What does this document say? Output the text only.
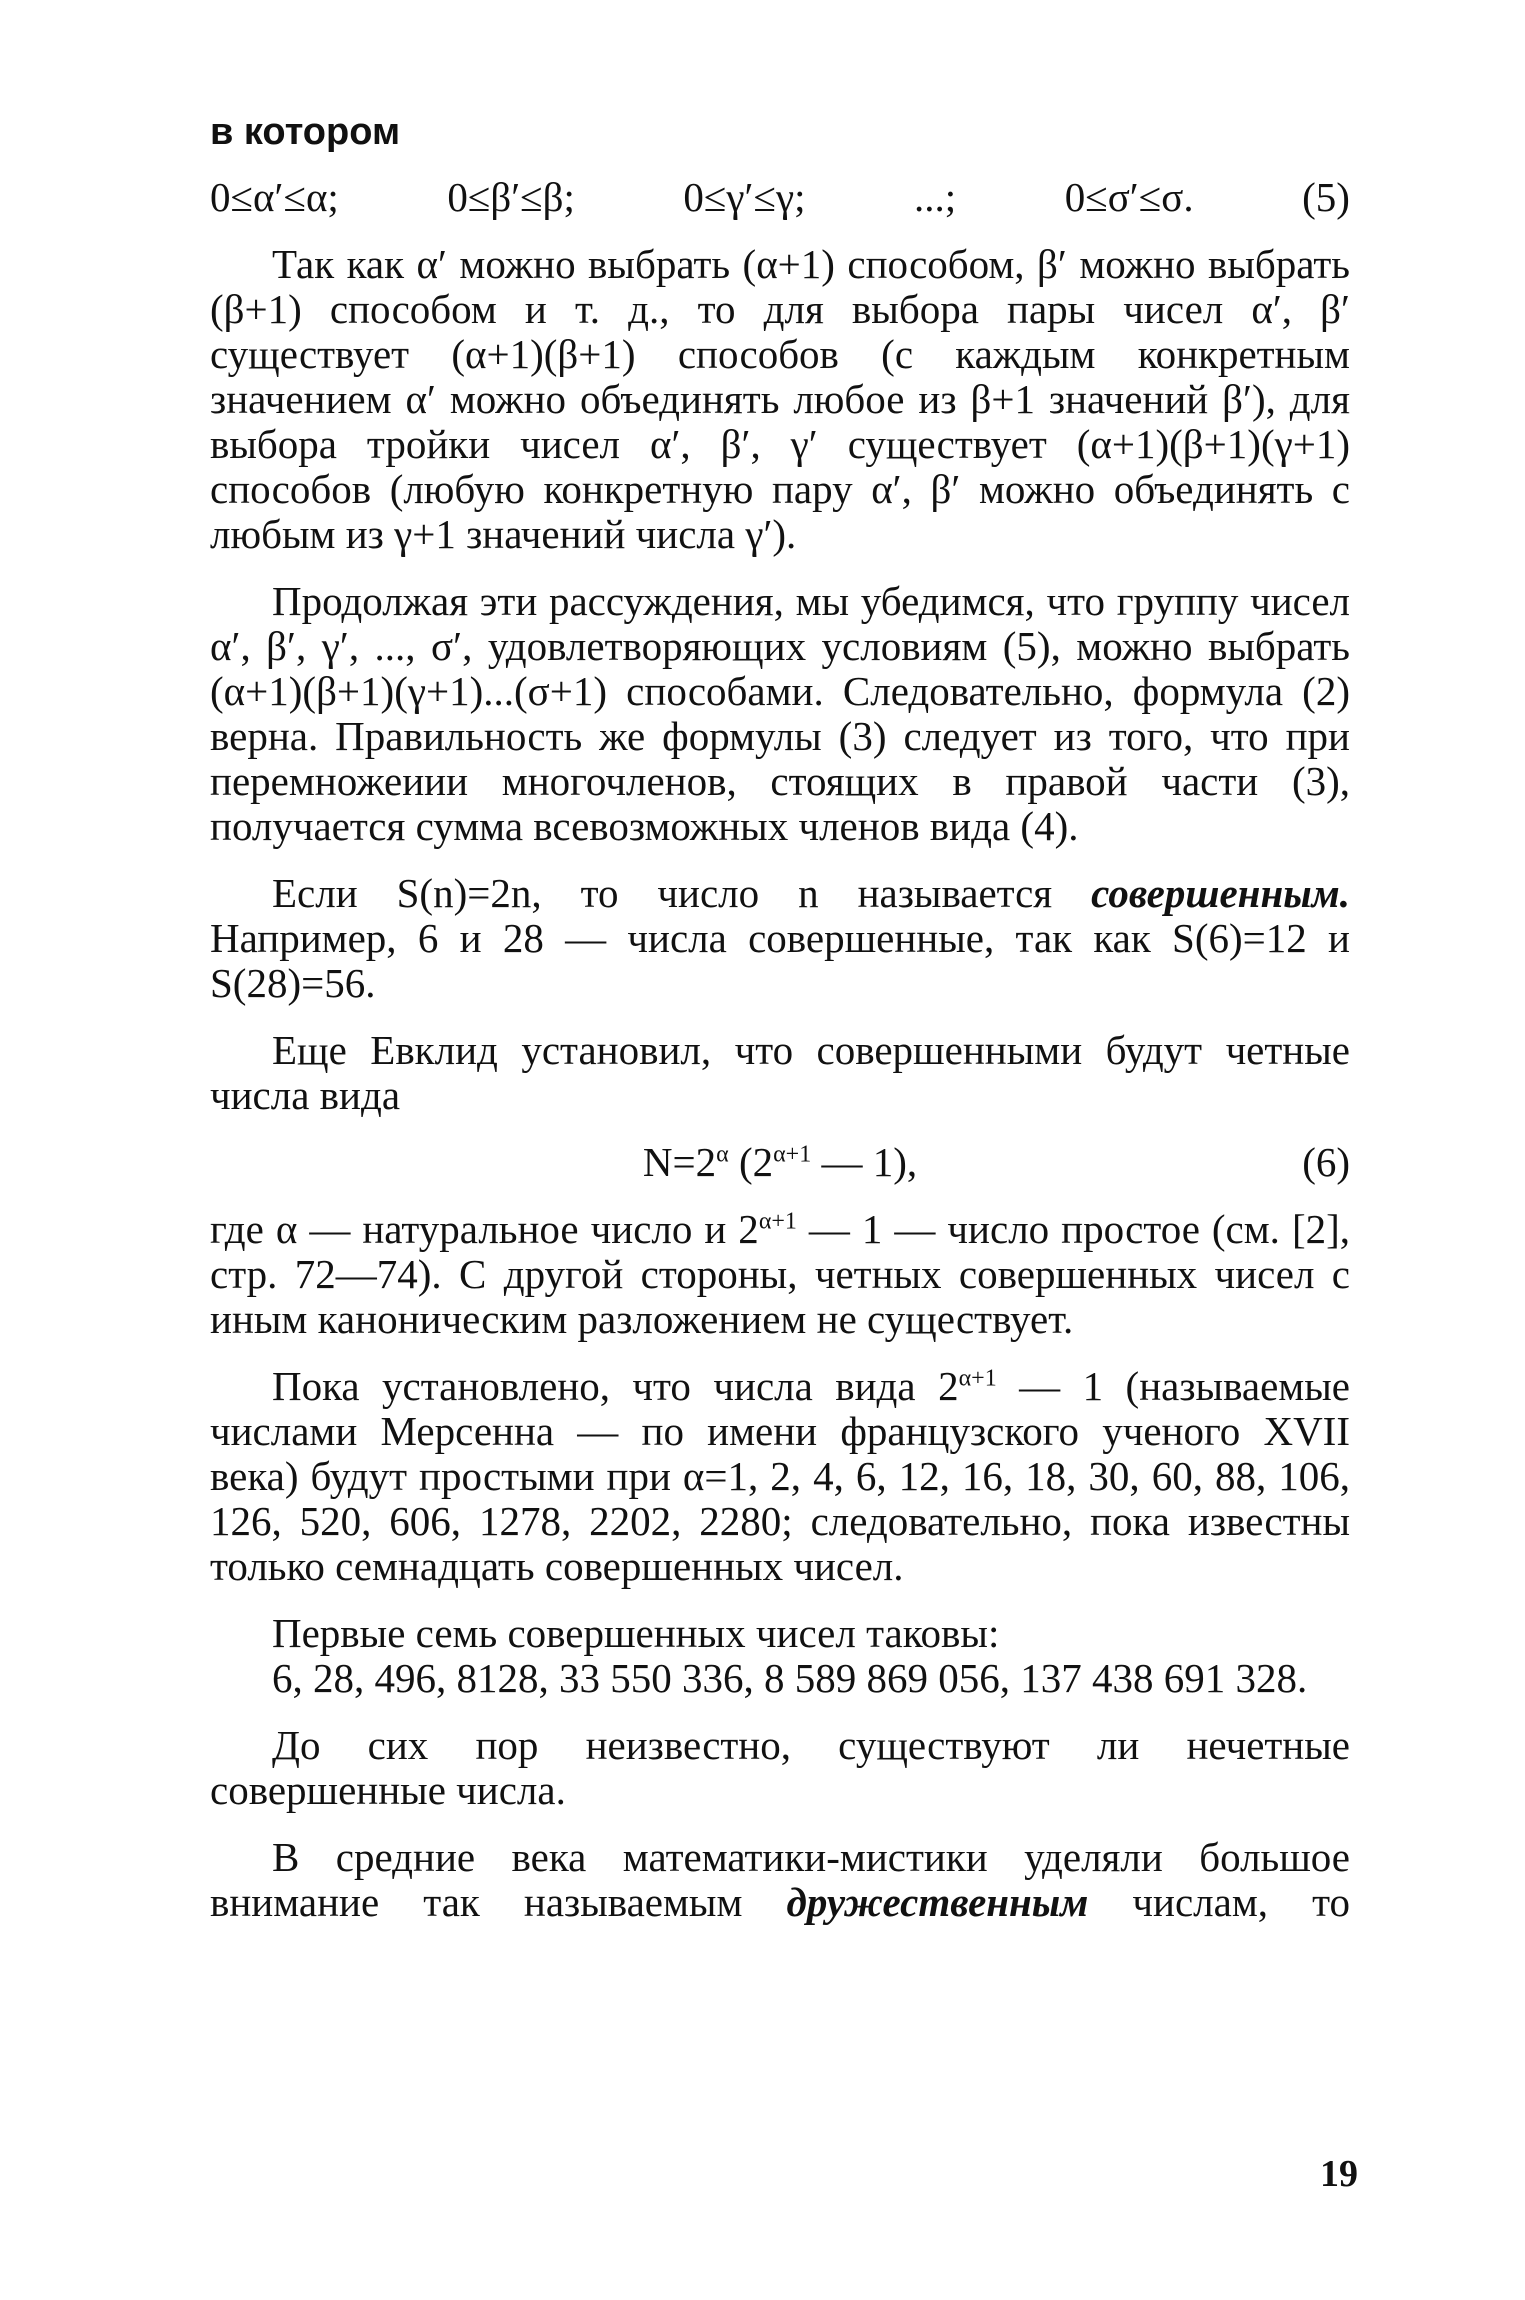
в котором

0≤α′≤α;	0≤β′≤β;	0≤γ′≤γ;	...;	0≤σ′≤σ.	(5)

Так как α′ можно выбрать (α+1) способом, β′ можно выбрать (β+1) способом и т. д., то для выбора пары чисел α′, β′ существует (α+1)(β+1) способов (с каждым конкретным значением α′ можно объединять любое из β+1 значений β′), для выбора тройки чисел α′, β′, γ′ существует (α+1)(β+1)(γ+1) способов (любую конкретную пару α′, β′ можно объединять с любым из γ+1 значений числа γ′).

Продолжая эти рассуждения, мы убедимся, что группу чисел α′, β′, γ′, ..., σ′, удовлетворяющих условиям (5), можно выбрать (α+1)(β+1)(γ+1)...(σ+1) способами. Следовательно, формула (2) верна. Правильность же формулы (3) следует из того, что при перемножеиии многочленов, стоящих в правой части (3), получается сумма всевозможных членов вида (4).

Если S(n)=2n, то число n называется совершенным. Например, 6 и 28 — числа совершенные, так как S(6)=12 и S(28)=56.

Еще Евклид установил, что совершенными будут четные числа вида

$N=2^\alpha$ ($2^{\alpha+1}$ — 1),	(6)

где α — натуральное число и $2^{\alpha+1}$ — 1 — число простое (см. [2], стр. 72—74). С другой стороны, четных совершенных чисел с иным каноническим разложением не существует.

Пока установлено, что числа вида $2^{\alpha+1}$ — 1 (называемые числами Мерсенна — по имени французского ученого XVII века) будут простыми при α=1, 2, 4, 6, 12, 16, 18, 30, 60, 88, 106, 126, 520, 606, 1278, 2202, 2280; следовательно, пока известны только семнадцать совершенных чисел.

Первые семь совершенных чисел таковы:

6, 28, 496, 8128, 33 550 336, 8 589 869 056, 137 438 691 328.

До сих пор неизвестно, существуют ли нечетные совершенные числа.

В средние века математики-мистики уделяли большое внимание так называемым дружественным числам, то

19
